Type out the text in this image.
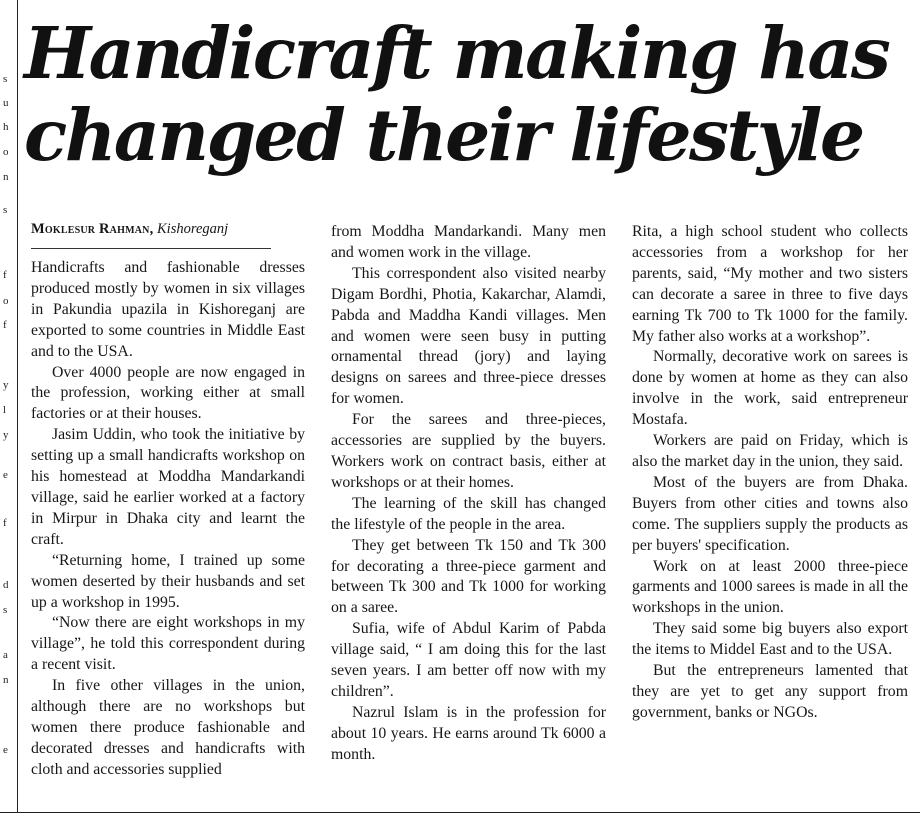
s
u
h
o
n
s
f
o
f
y
l
y
e
f
d
s
a
n
e
Handicraft making has
changed their lifestyle
Moklesur Rahman, Kishoreganj

Handicrafts and fashionable dresses produced mostly by women in six villages in Pakundia upazila in Kishoreganj are exported to some countries in Middle East and to the USA.

Over 4000 people are now engaged in the profession, working either at small factories or at their houses.

Jasim Uddin, who took the initiative by setting up a small handicrafts workshop on his homestead at Moddha Mandarkandi village, said he earlier worked at a factory in Mirpur in Dhaka city and learnt the craft.

“Returning home, I trained up some women deserted by their husbands and set up a workshop in 1995.

“Now there are eight workshops in my village”, he told this correspondent during a recent visit.

In five other villages in the union, although there are no workshops but women there produce fashionable and decorated dresses and handicrafts with cloth and accessories supplied

from Moddha Mandarkandi. Many men and women work in the village.

This correspondent also visited nearby Digam Bordhi, Photia, Kakarchar, Alamdi, Pabda and Maddha Kandi villages. Men and women were seen busy in putting ornamental thread (jory) and laying designs on sarees and three-piece dresses for women.

For the sarees and three-pieces, accessories are supplied by the buyers. Workers work on contract basis, either at workshops or at their homes.

The learning of the skill has changed the lifestyle of the people in the area.

They get between Tk 150 and Tk 300 for decorating a three-piece garment and between Tk 300 and Tk 1000 for working on a saree.

Sufia, wife of Abdul Karim of Pabda village said, “ I am doing this for the last seven years. I am better off now with my children”.

Nazrul Islam is in the profession for about 10 years. He earns around Tk 6000 a month.

Rita, a high school student who collects accessories from a workshop for her parents, said, “My mother and two sisters can decorate a saree in three to five days earning Tk 700 to Tk 1000 for the family. My father also works at a workshop”.

Normally, decorative work on sarees is done by women at home as they can also involve in the work, said entrepreneur Mostafa.

Workers are paid on Friday, which is also the market day in the union, they said.

Most of the buyers are from Dhaka. Buyers from other cities and towns also come. The suppliers supply the products as per buyers' specification.

Work on at least 2000 three-piece garments and 1000 sarees is made in all the workshops in the union.

They said some big buyers also export the items to Middel East and to the USA.

But the entrepreneurs lamented that they are yet to get any support from government, banks or NGOs.
